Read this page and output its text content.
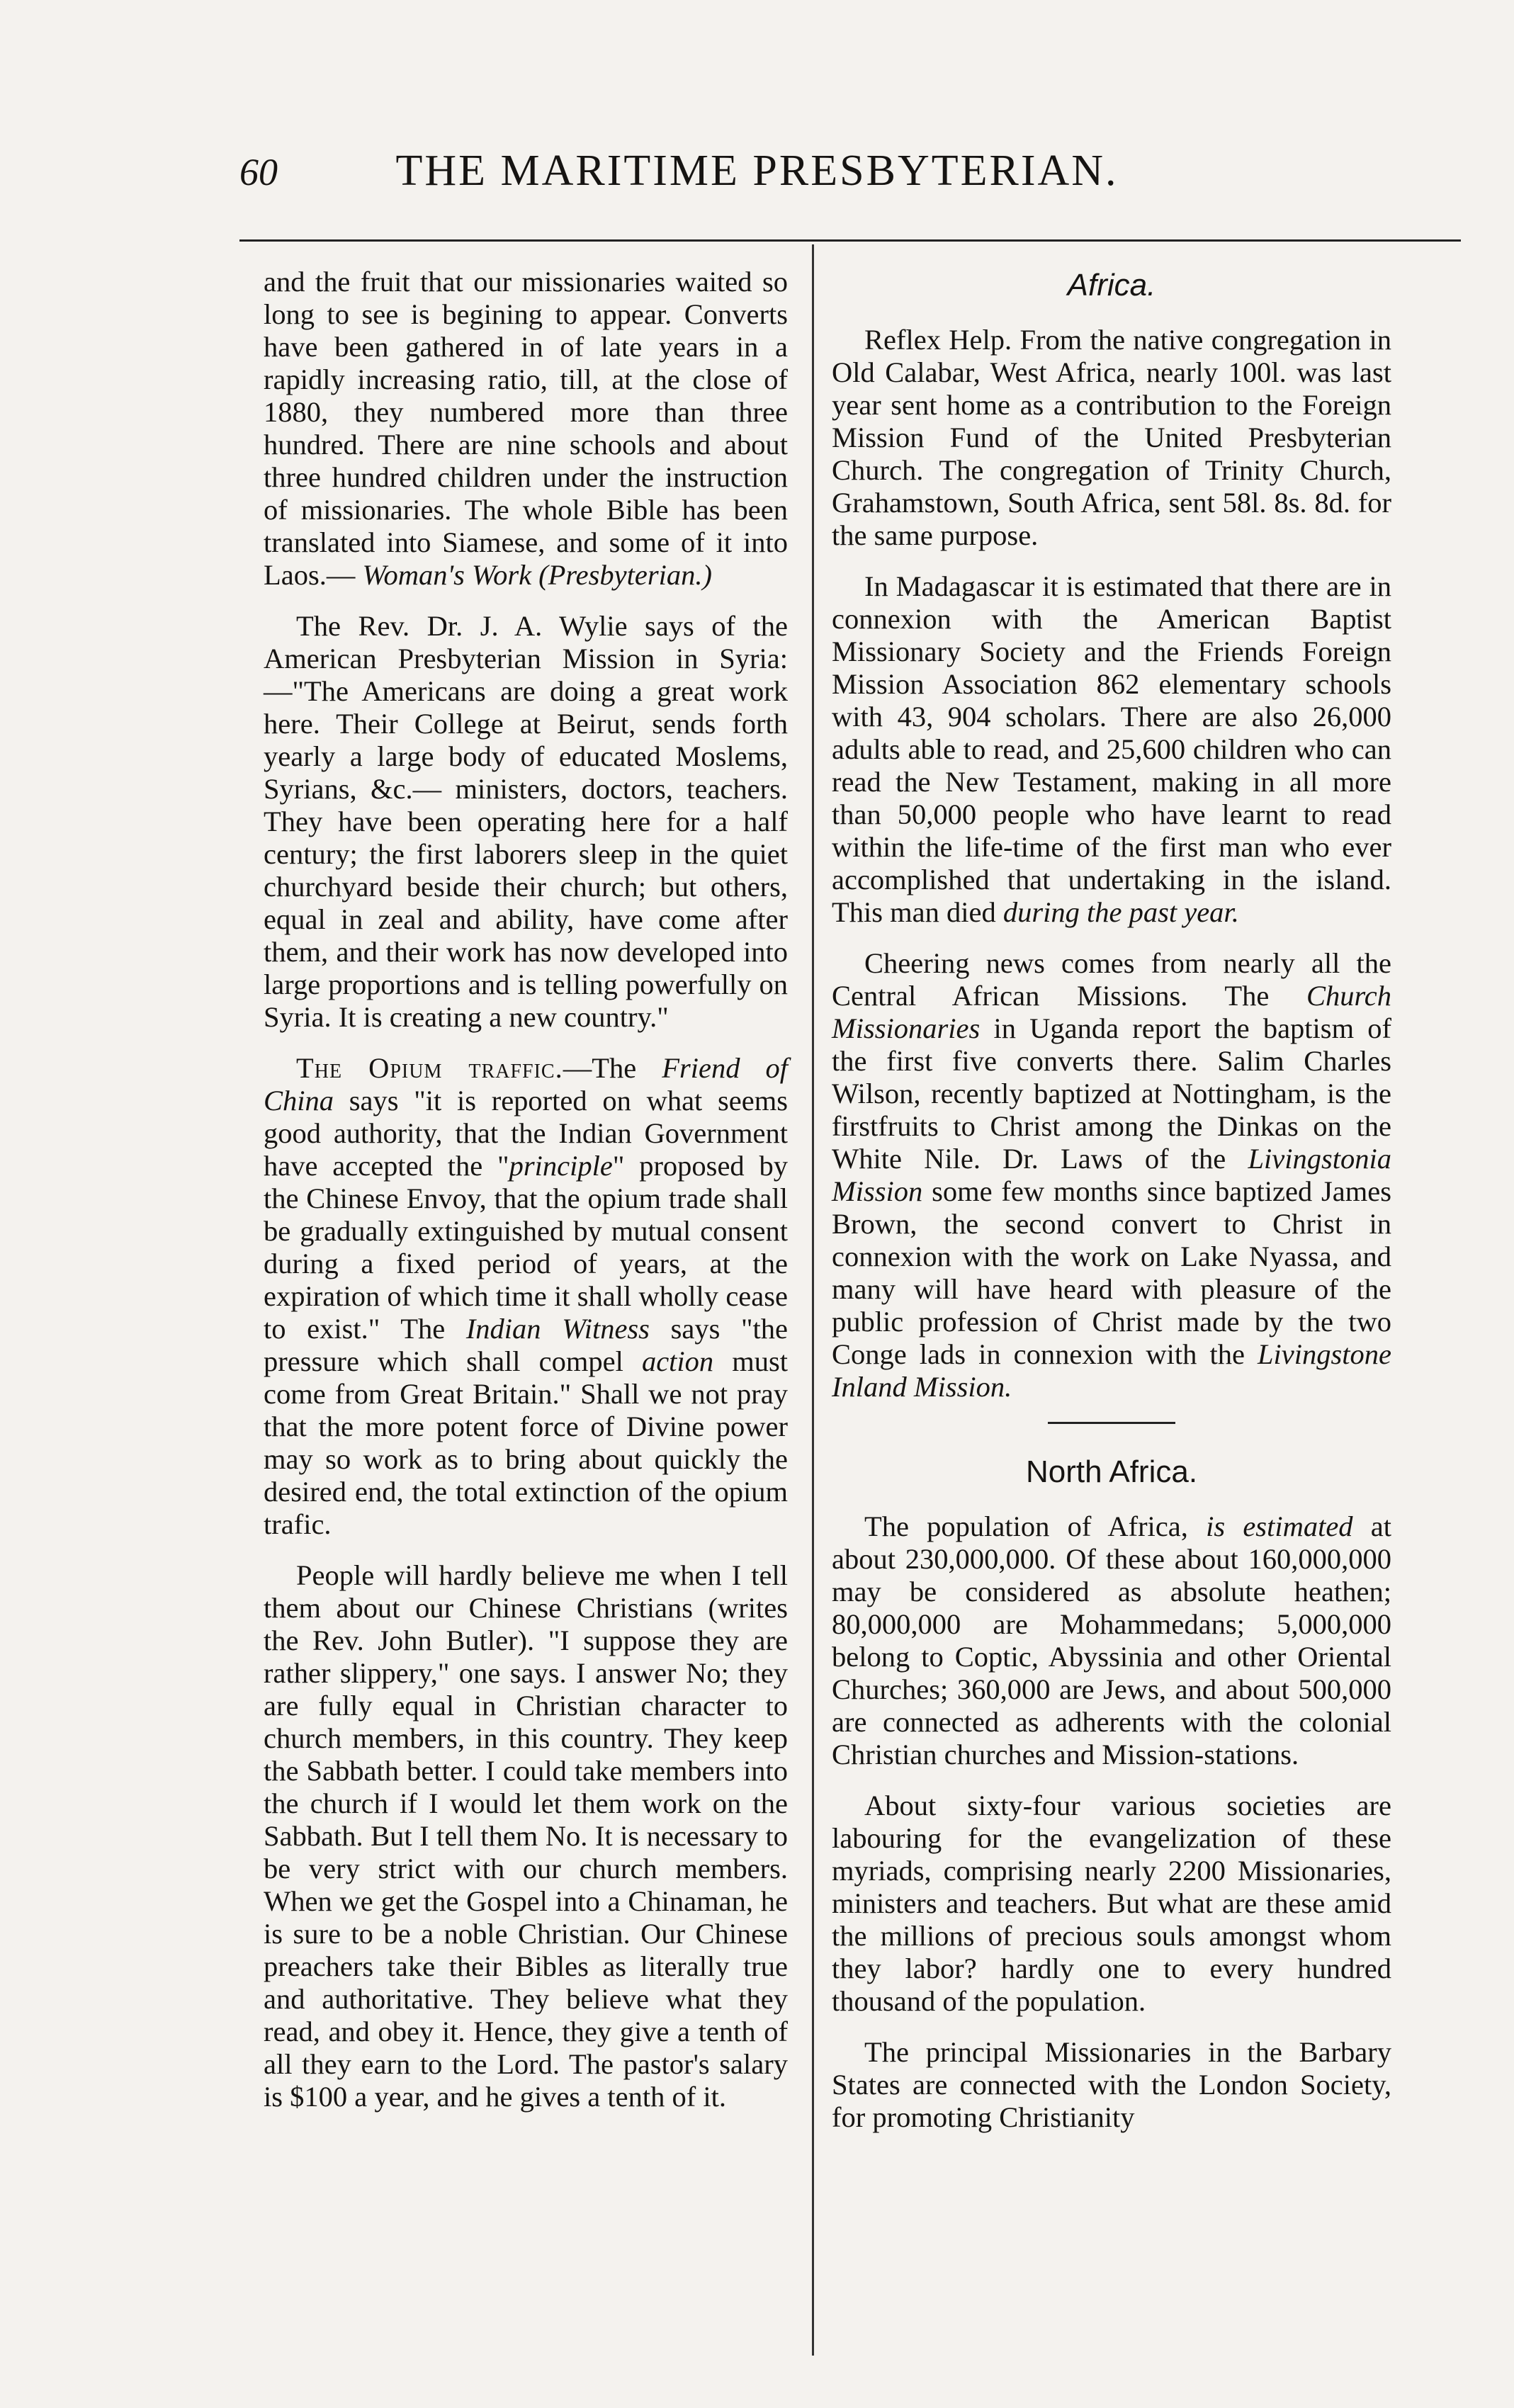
60	THE MARITIME PRESBYTERIAN.

and the fruit that our missionaries waited so long to see is begining to appear. Converts have been gathered in of late years in a rapidly increasing ratio, till, at the close of 1880, they numbered more than three hundred. There are nine schools and about three hundred children under the instruction of missionaries. The whole Bible has been translated into Siamese, and some of it into Laos.— Woman's Work (Presbyterian.)

The Rev. Dr. J. A. Wylie says of the American Presbyterian Mission in Syria: —"The Americans are doing a great work here. Their College at Beirut, sends forth yearly a large body of educated Moslems, Syrians, &c.— ministers, doctors, teachers. They have been operating here for a half century; the first laborers sleep in the quiet churchyard beside their church; but others, equal in zeal and ability, have come after them, and their work has now developed into large proportions and is telling powerfully on Syria. It is creating a new country."

The Opium traffic.—The Friend of China says "it is reported on what seems good authority, that the Indian Government have accepted the "principle" proposed by the Chinese Envoy, that the opium trade shall be gradually extinguished by mutual consent during a fixed period of years, at the expiration of which time it shall wholly cease to exist." The Indian Witness says "the pressure which shall compel action must come from Great Britain." Shall we not pray that the more potent force of Divine power may so work as to bring about quickly the desired end, the total extinction of the opium trafic.

People will hardly believe me when I tell them about our Chinese Christians (writes the Rev. John Butler). "I suppose they are rather slippery," one says. I answer No; they are fully equal in Christian character to church members, in this country. They keep the Sabbath better. I could take members into the church if I would let them work on the Sabbath. But I tell them No. It is necessary to be very strict with our church members. When we get the Gospel into a Chinaman, he is sure to be a noble Christian. Our Chinese preachers take their Bibles as literally true and authoritative. They believe what they read, and obey it. Hence, they give a tenth of all they earn to the Lord. The pastor's salary is $100 a year, and he gives a tenth of it.

Africa.

Reflex Help. From the native congregation in Old Calabar, West Africa, nearly 100l. was last year sent home as a contribution to the Foreign Mission Fund of the United Presbyterian Church. The congregation of Trinity Church, Grahamstown, South Africa, sent 58l. 8s. 8d. for the same purpose.

In Madagascar it is estimated that there are in connexion with the American Baptist Missionary Society and the Friends Foreign Mission Association 862 elementary schools with 43, 904 scholars. There are also 26,000 adults able to read, and 25,600 children who can read the New Testament, making in all more than 50,000 people who have learnt to read within the life-time of the first man who ever accomplished that undertaking in the island. This man died during the past year.

Cheering news comes from nearly all the Central African Missions. The Church Missionaries in Uganda report the baptism of the first five converts there. Salim Charles Wilson, recently baptized at Nottingham, is the firstfruits to Christ among the Dinkas on the White Nile. Dr. Laws of the Livingstonia Mission some few months since baptized James Brown, the second convert to Christ in connexion with the work on Lake Nyassa, and many will have heard with pleasure of the public profession of Christ made by the two Conge lads in connexion with the Livingstone Inland Mission.

North Africa.

The population of Africa, is estimated at about 230,000,000. Of these about 160,000,000 may be considered as absolute heathen; 80,000,000 are Mohammedans; 5,000,000 belong to Coptic, Abyssinia and other Oriental Churches; 360,000 are Jews, and about 500,000 are connected as adherents with the colonial Christian churches and Mission-stations.

About sixty-four various societies are labouring for the evangelization of these myriads, comprising nearly 2200 Missionaries, ministers and teachers. But what are these amid the millions of precious souls amongst whom they labor? hardly one to every hundred thousand of the population.

The principal Missionaries in the Barbary States are connected with the London Society, for promoting Christianity
